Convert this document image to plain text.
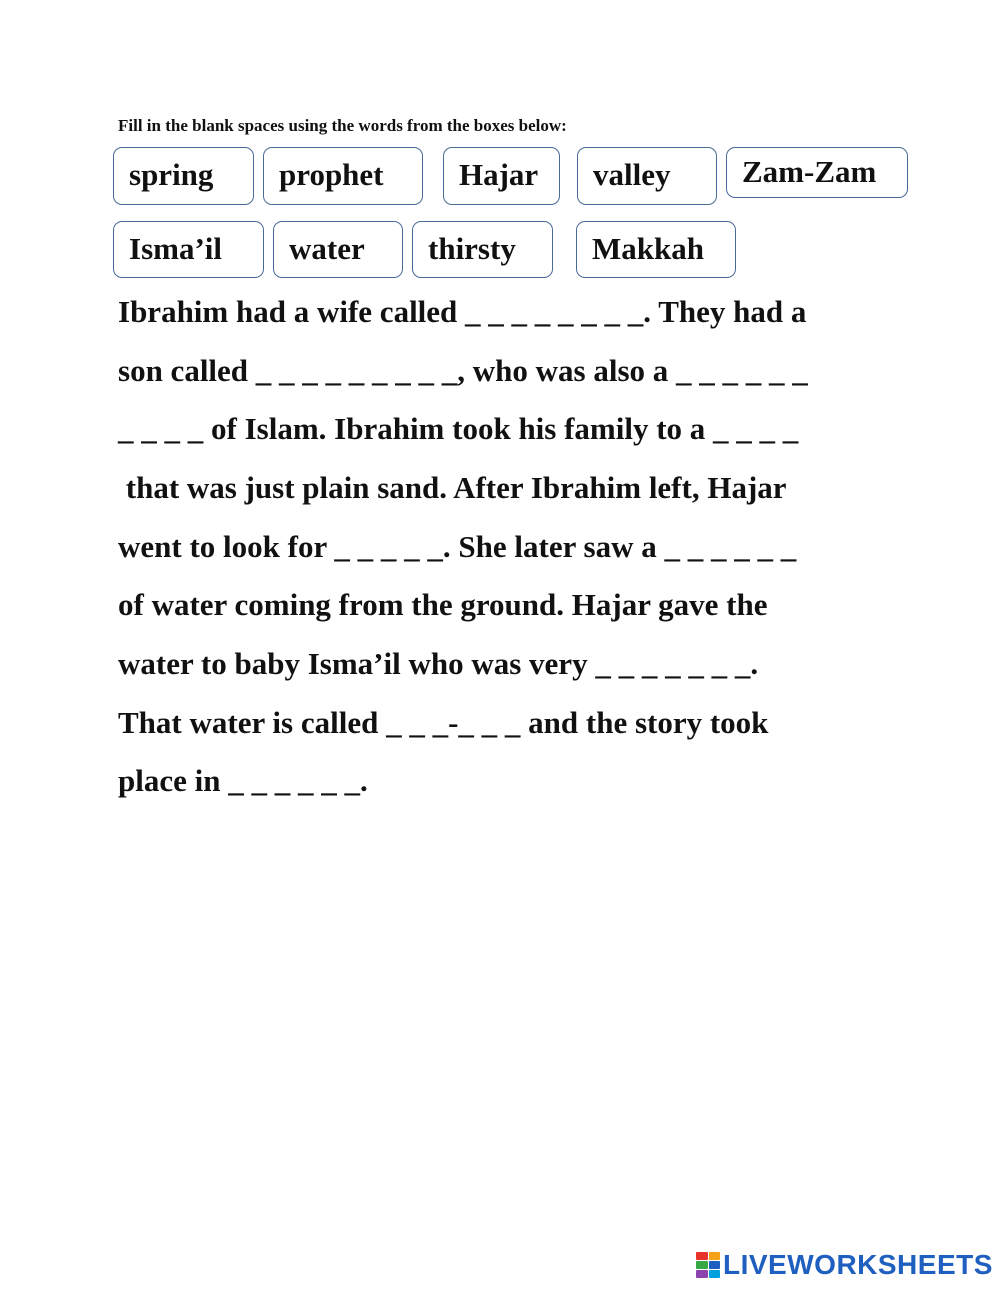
Fill in the blank spaces using the words from the boxes below:
spring prophet Hajar valley Zam-Zam
Isma’il water thirsty Makkah
Ibrahim had a wife called _ _ _ _ _ _ _ _. They had a
son called _ _ _ _ _ _ _ _ _, who was also a _ _ _ _ _ _
_ _ _ _ of Islam. Ibrahim took his family to a _ _ _ _
that was just plain sand. After Ibrahim left, Hajar
went to look for _ _ _ _ _. She later saw a _ _ _ _ _ _
of water coming from the ground. Hajar gave the
water to baby Isma’il who was very _ _ _ _ _ _ _.
That water is called _ _ _-_ _ _ and the story took
place in _ _ _ _ _ _.
LIVEWORKSHEETS
